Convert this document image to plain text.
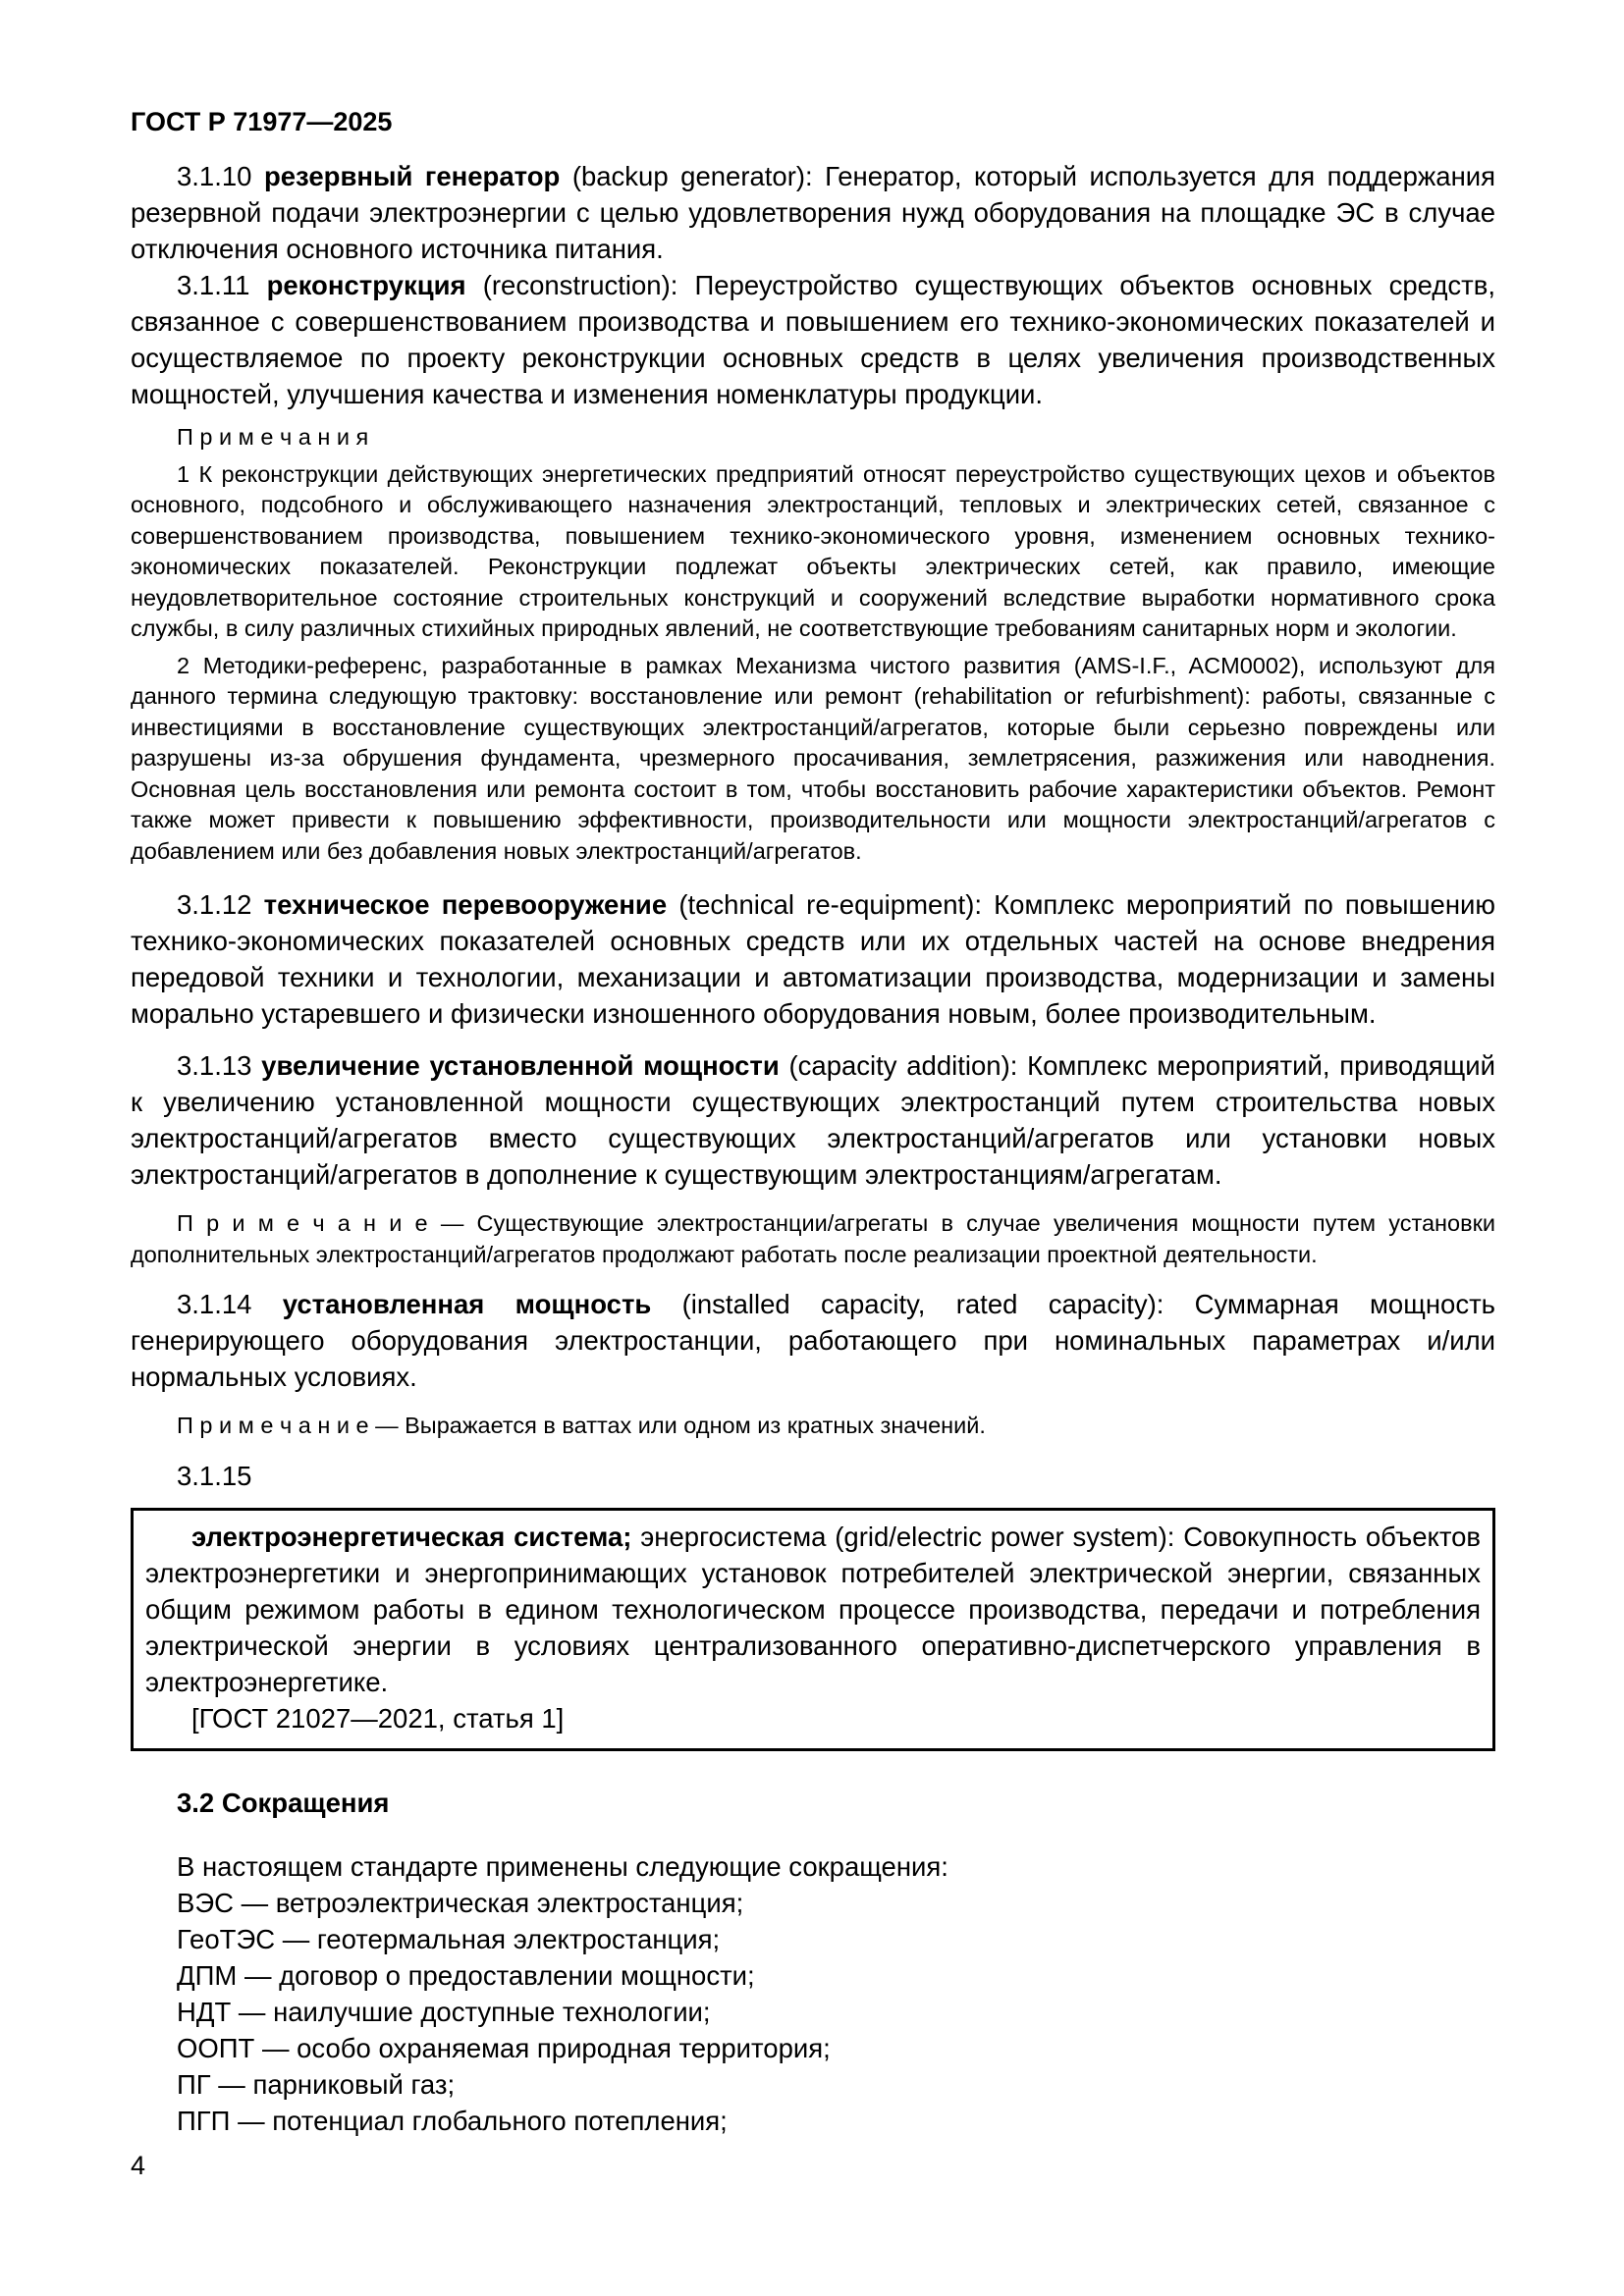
ГОСТ Р 71977—2025

3.1.10 резервный генератор (backup generator): Генератор, который используется для поддержания резервной подачи электроэнергии с целью удовлетворения нужд оборудования на площадке ЭС в случае отключения основного источника питания.

3.1.11 реконструкция (reconstruction): Переустройство существующих объектов основных средств, связанное с совершенствованием производства и повышением его технико-экономических показателей и осуществляемое по проекту реконструкции основных средств в целях увеличения производственных мощностей, улучшения качества и изменения номенклатуры продукции.

П р и м е ч а н и я

1 К реконструкции действующих энергетических предприятий относят переустройство существующих цехов и объектов основного, подсобного и обслуживающего назначения электростанций, тепловых и электрических сетей, связанное с совершенствованием производства, повышением технико-экономического уровня, изменением основных технико-экономических показателей. Реконструкции подлежат объекты электрических сетей, как правило, имеющие неудовлетворительное состояние строительных конструкций и сооружений вследствие выработки нормативного срока службы, в силу различных стихийных природных явлений, не соответствующие требованиям санитарных норм и экологии.

2 Методики-референс, разработанные в рамках Механизма чистого развития (AMS-I.F., ACM0002), используют для данного термина следующую трактовку: восстановление или ремонт (rehabilitation or refurbishment): работы, связанные с инвестициями в восстановление существующих электростанций/агрегатов, которые были серьезно повреждены или разрушены из-за обрушения фундамента, чрезмерного просачивания, землетрясения, разжижения или наводнения. Основная цель восстановления или ремонта состоит в том, чтобы восстановить рабочие характеристики объектов. Ремонт также может привести к повышению эффективности, производительности или мощности электростанций/агрегатов с добавлением или без добавления новых электростанций/агрегатов.

3.1.12 техническое перевооружение (technical re-equipment): Комплекс мероприятий по повышению технико-экономических показателей основных средств или их отдельных частей на основе внедрения передовой техники и технологии, механизации и автоматизации производства, модернизации и замены морально устаревшего и физически изношенного оборудования новым, более производительным.

3.1.13 увеличение установленной мощности (capacity addition): Комплекс мероприятий, приводящий к увеличению установленной мощности существующих электростанций путем строительства новых электростанций/агрегатов вместо существующих электростанций/агрегатов или установки новых электростанций/агрегатов в дополнение к существующим электростанциям/агрегатам.

П р и м е ч а н и е — Существующие электростанции/агрегаты в случае увеличения мощности путем установки дополнительных электростанций/агрегатов продолжают работать после реализации проектной деятельности.

3.1.14 установленная мощность (installed capacity, rated capacity): Суммарная мощность генерирующего оборудования электростанции, работающего при номинальных параметрах и/или нормальных условиях.

П р и м е ч а н и е — Выражается в ваттах или одном из кратных значений.

3.1.15

электроэнергетическая система; энергосистема (grid/electric power system): Совокупность объектов электроэнергетики и энергопринимающих установок потребителей электрической энергии, связанных общим режимом работы в едином технологическом процессе производства, передачи и потребления электрической энергии в условиях централизованного оперативно-диспетчерского управления в электроэнергетике.

[ГОСТ 21027—2021, статья 1]

3.2 Сокращения

В настоящем стандарте применены следующие сокращения:

ВЭС — ветроэлектрическая электростанция;

ГеоТЭС — геотермальная электростанция;

ДПМ — договор о предоставлении мощности;

НДТ — наилучшие доступные технологии;

ООПТ — особо охраняемая природная территория;

ПГ — парниковый газ;

ПГП — потенциал глобального потепления;

4
